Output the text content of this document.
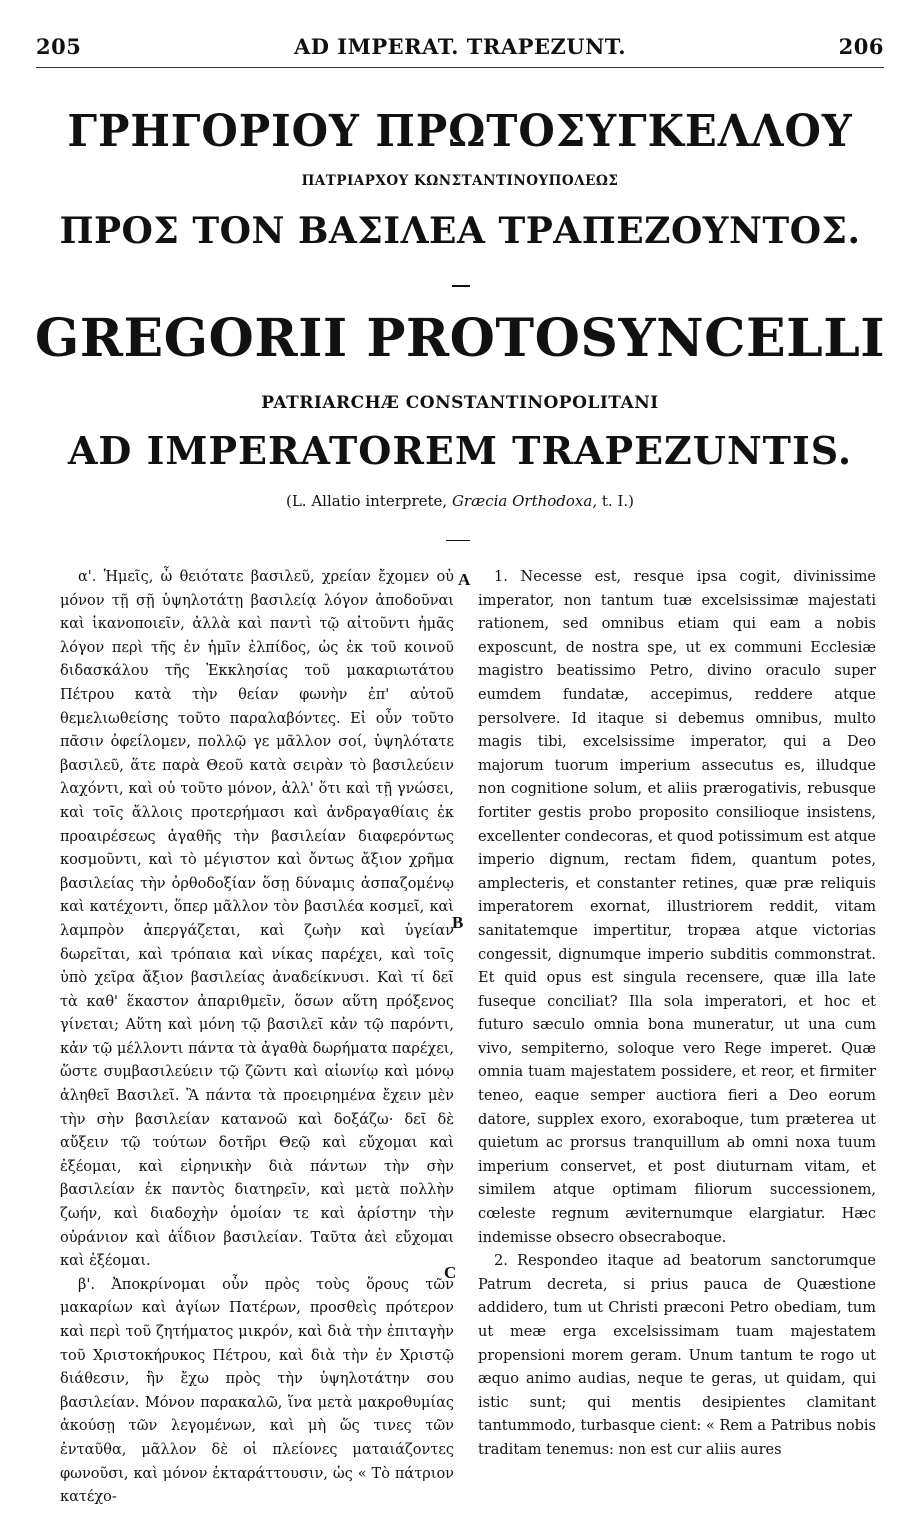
205	AD IMPERAT. TRAPEZUNT.	206
ΓΡΗΓΟΡΙΟΥ ΠΡΩΤΟΣΥΓΚΕΛΛΟΥ
ΠΑΤΡΙΑΡΧΟΥ ΚΩΝΣΤΑΝΤΙΝΟΥΠΟΛΕΩΣ
ΠΡΟΣ ΤΟΝ ΒΑΣΙΛΕΑ ΤΡΑΠΕΖΟΥΝΤΟΣ.
GREGORII PROTOSYNCELLI
PATRIARCHÆ CONSTANTINOPOLITANI
AD IMPERATOREM TRAPEZUNTIS.
(L. Allatio interprete, Græcia Orthodoxa, t. I.)

α'. Ἡμεῖς, ὦ θειότατε βασιλεῦ, χρείαν ἔχομεν οὐ μόνον τῇ σῇ ὑψηλοτάτῃ βασιλείᾳ λόγον ἀποδοῦναι καὶ ἱκανοποιεῖν, ἀλλὰ καὶ παντὶ τῷ αἰτοῦντι ἡμᾶς λόγον περὶ τῆς ἐν ἡμῖν ἐλπίδος, ὡς ἐκ τοῦ κοινοῦ διδασκάλου τῆς Ἐκκλησίας τοῦ μακαριωτάτου Πέτρου κατὰ τὴν θείαν φωνὴν ἐπ' αὐτοῦ θεμελιωθείσης τοῦτο παραλαβόντες. Εἰ οὖν τοῦτο πᾶσιν ὀφείλομεν, πολλῷ γε μᾶλλον σοί, ὑψηλότατε βασιλεῦ, ἅτε παρὰ Θεοῦ κατὰ σειρὰν τὸ βασιλεύειν λαχόντι, καὶ οὐ τοῦτο μόνον, ἀλλ' ὅτι καὶ τῇ γνώσει, καὶ τοῖς ἄλλοις προτερήμασι καὶ ἀνδραγαθίαις ἐκ προαιρέσεως ἀγαθῆς τὴν βασιλείαν διαφερόντως κοσμοῦντι, καὶ τὸ μέγιστον καὶ ὄντως ἄξιον χρῆμα βασιλείας τὴν ὀρθοδοξίαν ὅσῃ δύναμις ἀσπαζομένῳ καὶ κατέχοντι, ὅπερ μᾶλλον τὸν βασιλέα κοσμεῖ, καὶ λαμπρὸν ἀπεργάζεται, καὶ ζωὴν καὶ ὑγείαν δωρεῖται, καὶ τρόπαια καὶ νίκας παρέχει, καὶ τοῖς ὑπὸ χεῖρα ἄξιον βασιλείας ἀναδείκνυσι. Καὶ τί δεῖ τὰ καθ' ἕκαστον ἀπαριθμεῖν, ὅσων αὕτη πρόξενος γίνεται; Αὕτη καὶ μόνη τῷ βασιλεῖ κἀν τῷ παρόντι, κἀν τῷ μέλλοντι πάντα τὰ ἀγαθὰ δωρήματα παρέχει, ὥστε συμβασιλεύειν τῷ ζῶντι καὶ αἰωνίῳ καὶ μόνῳ ἀληθεῖ Βασιλεῖ. Ἃ πάντα τὰ προειρημένα ἔχειν μὲν τὴν σὴν βασιλείαν κατανοῶ καὶ δοξάζω· δεῖ δὲ αὔξειν τῷ τούτων δοτῆρι Θεῷ καὶ εὔχομαι καὶ ἐξέομαι, καὶ εἰρηνικὴν διὰ πάντων τὴν σὴν βασιλείαν ἐκ παντὸς διατηρεῖν, καὶ μετὰ πολλὴν ζωήν, καὶ διαδοχὴν ὁμοίαν τε καὶ ἀρίστην τὴν οὐράνιον καὶ ἀΐδιον βασιλείαν. Ταῦτα ἀεὶ εὔχομαι καὶ ἐξέομαι.

β'. Ἀποκρίνομαι οὖν πρὸς τοὺς ὅρους τῶν μακαρίων καὶ ἁγίων Πατέρων, προσθεὶς πρότερον καὶ περὶ τοῦ ζητήματος μικρόν, καὶ διὰ τὴν ἐπιταγὴν τοῦ Χριστοκήρυκος Πέτρου, καὶ διὰ τὴν ἐν Χριστῷ διάθεσιν, ἣν ἔχω πρὸς τὴν ὑψηλοτάτην σου βασιλείαν. Μόνον παρακαλῶ, ἵνα μετὰ μακροθυμίας ἀκούσῃ τῶν λεγομένων, καὶ μὴ ὥς τινες τῶν ἐνταῦθα, μᾶλλον δὲ οἱ πλείονες ματαιάζοντες φωνοῦσι, καὶ μόνον ἐκταράττουσιν, ὡς « Τὸ πάτριον κατέχο-

A
B
C

1. Necesse est, resque ipsa cogit, divinissime imperator, non tantum tuæ excelsissimæ majestati rationem, sed omnibus etiam qui eam a nobis exposcunt, de nostra spe, ut ex communi Ecclesiæ magistro beatissimo Petro, divino oraculo super eumdem fundatæ, accepimus, reddere atque persolvere. Id itaque si debemus omnibus, multo magis tibi, excelsissime imperator, qui a Deo majorum tuorum imperium assecutus es, illudque non cognitione solum, et aliis prærogativis, rebusque fortiter gestis probo proposito consilioque insistens, excellenter condecoras, et quod potissimum est atque imperio dignum, rectam fidem, quantum potes, amplecteris, et constanter retines, quæ præ reliquis imperatorem exornat, illustriorem reddit, vitam sanitatemque impertitur, tropæa atque victorias congessit, dignumque imperio subditis commonstrat. Et quid opus est singula recensere, quæ illa late fuseque conciliat? Illa sola imperatori, et hoc et futuro sæculo omnia bona muneratur, ut una cum vivo, sempiterno, soloque vero Rege imperet. Quæ omnia tuam majestatem possidere, et reor, et firmiter teneo, eaque semper auctiora fieri a Deo eorum datore, supplex exoro, exoraboque, tum præterea ut quietum ac prorsus tranquillum ab omni noxa tuum imperium conservet, et post diuturnam vitam, et similem atque optimam filiorum successionem, cœleste regnum æviternumque elargiatur. Hæc indemisse obsecro obsecraboque.

2. Respondeo itaque ad beatorum sanctorumque Patrum decreta, si prius pauca de Quæstione addidero, tum ut Christi præconi Petro obediam, tum ut meæ erga excelsissimam tuam majestatem propensioni morem geram. Unum tantum te rogo ut æquo animo audias, neque te geras, ut quidam, qui istic sunt; qui mentis desipientes clamitant tantummodo, turbasque cient: « Rem a Patribus nobis traditam tenemus: non est cur aliis aures
